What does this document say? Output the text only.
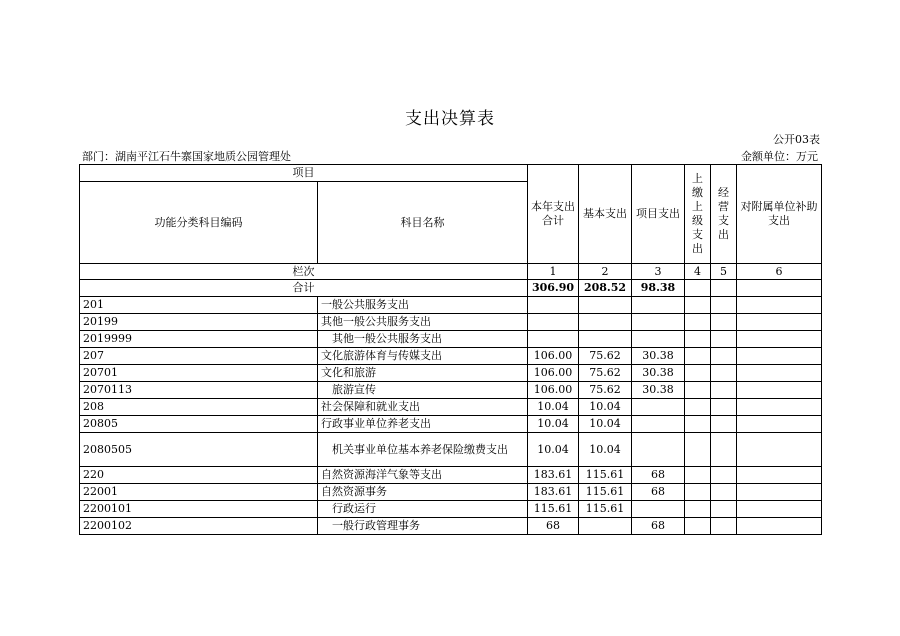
支出决算表
公开03表
部门：湖南平江石牛寨国家地质公园管理处	金额单位：万元
项目		本年支出合计	基本支出	项目支出	上缴上级支出	经营支出	对附属单位补助支出
功能分类科目编码	科目名称						
栏次		1	2	3	4	5	6
合计		306.90	208.52	98.38			
201	一般公共服务支出						
20199	其他一般公共服务支出						
2019999	其他一般公共服务支出						
207	文化旅游体育与传媒支出	106.00	75.62	30.38			
20701	文化和旅游	106.00	75.62	30.38			
2070113	旅游宣传	106.00	75.62	30.38			
208	社会保障和就业支出	10.04	10.04				
20805	行政事业单位养老支出	10.04	10.04				
2080505	机关事业单位基本养老保险缴费支出	10.04	10.04				
220	自然资源海洋气象等支出	183.61	115.61	68			
22001	自然资源事务	183.61	115.61	68			
2200101	行政运行	115.61	115.61				
2200102	一般行政管理事务	68		68			
